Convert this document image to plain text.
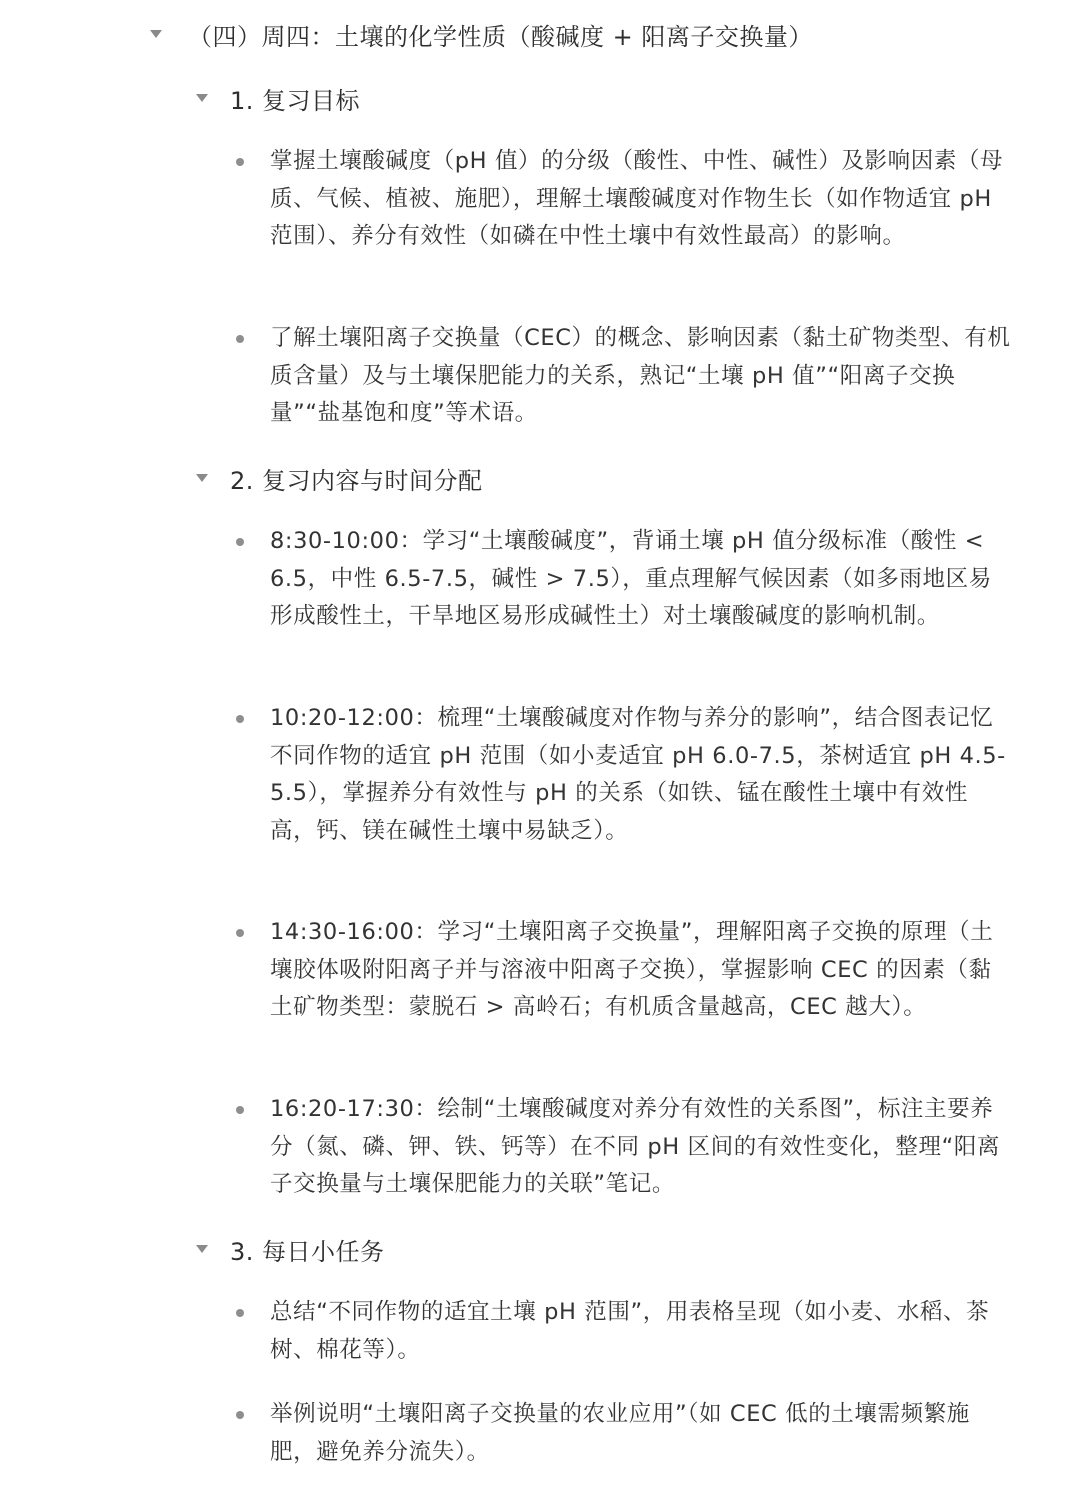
（四）周四：土壤的化学性质（酸碱度 + 阳离子交换量）
1. 复习目标
掌握土壤酸碱度（pH 值）的分级（酸性、中性、碱性）及影响因素（母质、气候、植被、施肥），理解土壤酸碱度对作物生长（如作物适宜 pH 范围）、养分有效性（如磷在中性土壤中有效性最高）的影响。
了解土壤阳离子交换量（CEC）的概念、影响因素（黏土矿物类型、有机质含量）及与土壤保肥能力的关系，熟记“土壤 pH 值”“阳离子交换量”“盐基饱和度”等术语。
2. 复习内容与时间分配
8:30-10:00：学习“土壤酸碱度”，背诵土壤 pH 值分级标准（酸性 < 6.5，中性 6.5-7.5，碱性 > 7.5），重点理解气候因素（如多雨地区易形成酸性土，干旱地区易形成碱性土）对土壤酸碱度的影响机制。
10:20-12:00：梳理“土壤酸碱度对作物与养分的影响”，结合图表记忆不同作物的适宜 pH 范围（如小麦适宜 pH 6.0-7.5，茶树适宜 pH 4.5-5.5），掌握养分有效性与 pH 的关系（如铁、锰在酸性土壤中有效性高，钙、镁在碱性土壤中易缺乏）。
14:30-16:00：学习“土壤阳离子交换量”，理解阳离子交换的原理（土壤胶体吸附阳离子并与溶液中阳离子交换），掌握影响 CEC 的因素（黏土矿物类型：蒙脱石 > 高岭石；有机质含量越高，CEC 越大）。
16:20-17:30：绘制“土壤酸碱度对养分有效性的关系图”，标注主要养分（氮、磷、钾、铁、钙等）在不同 pH 区间的有效性变化，整理“阳离子交换量与土壤保肥能力的关联”笔记。
3. 每日小任务
总结“不同作物的适宜土壤 pH 范围”，用表格呈现（如小麦、水稻、茶树、棉花等）。
举例说明“土壤阳离子交换量的农业应用”（如 CEC 低的土壤需频繁施肥，避免养分流失）。
